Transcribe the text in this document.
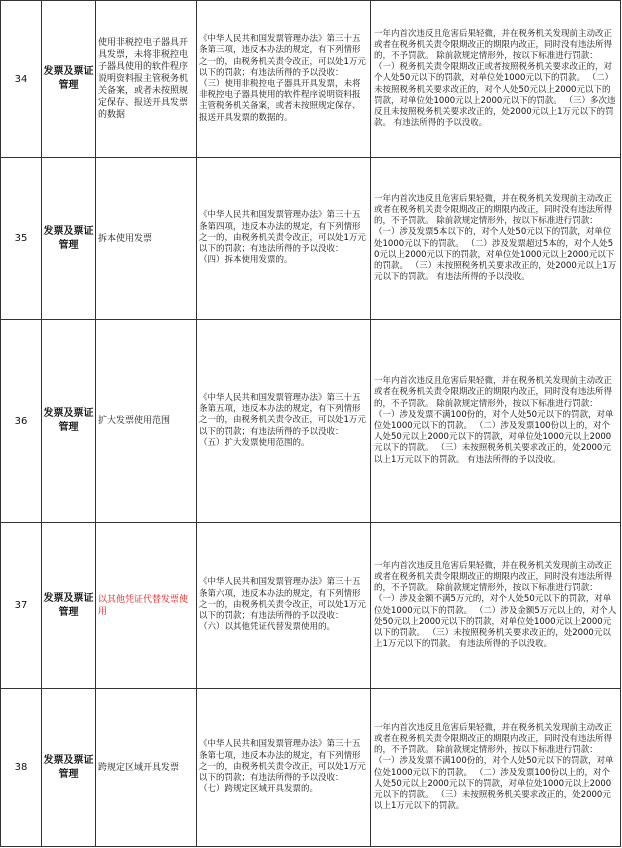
34	发票及票证管理	使用非税控电子器具开具发票，未将非税控电子器具使用的软件程序说明资料报主管税务机关备案，或者未按照规定保存、报送开具发票的数据	《中华人民共和国发票管理办法》第三十五条第三项，违反本办法的规定，有下列情形之一的，由税务机关责令改正，可以处1万元以下的罚款；有违法所得的予以没收：
（三）使用非税控电子器具开具发票，未将非税控电子器具使用的软件程序说明资料报主管税务机关备案，或者未按照规定保存、报送开具发票的数据的。	一年内首次违反且危害后果轻微，并在税务机关发现前主动改正或者在税务机关责令限期改正的期限内改正，同时没有违法所得的，不予罚款。 除前款规定情形外，按以下标准进行罚款： （一）税务机关责令限期改正或者按照税务机关要求改正的，对个人处50元以下的罚款，对单位处1000元以下的罚款。 （二）未按照税务机关要求改正的，对个人处50元以上2000元以下的罚款，对单位处1000元以上2000元以下的罚款。 （三）多次违反且未按照税务机关要求改正的，处2000元以上1万元以下的罚款。 有违法所得的予以没收。

35	发票及票证管理	拆本使用发票	《中华人民共和国发票管理办法》第三十五条第四项，违反本办法的规定，有下列情形之一的，由税务机关责令改正，可以处1万元以下的罚款；有违法所得的予以没收：
（四）拆本使用发票的。	一年内首次违反且危害后果轻微，并在税务机关发现前主动改正或者在税务机关责令限期改正的期限内改正，同时没有违法所得的，不予罚款。 除前款规定情形外，按以下标准进行罚款： （一）涉及发票5本以下的，对个人处50元以下的罚款，对单位处1000元以下的罚款。 （二）涉及发票超过5本的，对个人处50元以上2000元以下的罚款，对单位处1000元以上2000元以下的罚款。 （三）未按照税务机关要求改正的，处2000元以上1万元以下的罚款。 有违法所得的予以没收。

36	发票及票证管理	扩大发票使用范围	《中华人民共和国发票管理办法》第三十五条第五项，违反本办法的规定，有下列情形之一的，由税务机关责令改正，可以处1万元以下的罚款；有违法所得的予以没收：
（五）扩大发票使用范围的。	一年内首次违反且危害后果轻微，并在税务机关发现前主动改正或者在税务机关责令限期改正的期限内改正，同时没有违法所得的，不予罚款。 除前款规定情形外，按以下标准进行罚款： （一）涉及发票不满100份的，对个人处50元以下的罚款，对单位处1000元以下的罚款。 （二）涉及发票100份以上的，对个人处50元以上2000元以下的罚款，对单位处1000元以上2000元以下的罚款。 （三）未按照税务机关要求改正的，处2000元以上1万元以下的罚款。 有违法所得的予以没收。

37	发票及票证管理	以其他凭证代替发票使用	《中华人民共和国发票管理办法》第三十五条第六项，违反本办法的规定，有下列情形之一的，由税务机关责令改正，可以处1万元以下的罚款；有违法所得的予以没收：
（六）以其他凭证代替发票使用的。	一年内首次违反且危害后果轻微，并在税务机关发现前主动改正或者在税务机关责令限期改正的期限内改正，同时没有违法所得的，不予罚款。 除前款规定情形外，按以下标准进行罚款： （一）涉及金额不满5万元的，对个人处50元以下的罚款，对单位处1000元以下的罚款。 （二）涉及金额5万元以上的，对个人处50元以上2000元以下的罚款，对单位处1000元以上2000元以下的罚款。 （三）未按照税务机关要求改正的，处2000元以上1万元以下的罚款。 有违法所得的予以没收。

38	发票及票证管理	跨规定区域开具发票	《中华人民共和国发票管理办法》第三十五条第七项，违反本办法的规定，有下列情形之一的，由税务机关责令改正，可以处1万元以下的罚款；有违法所得的予以没收：
（七）跨规定区域开具发票的。	一年内首次违反且危害后果轻微，并在税务机关发现前主动改正或者在税务机关责令限期改正的期限内改正，同时没有违法所得的，不予罚款。 除前款规定情形外，按以下标准进行罚款： （一）涉及发票不满100份的，对个人处50元以下的罚款，对单位处1000元以下的罚款。 （二）涉及发票100份以上的，对个人处50元以上2000元以下的罚款，对单位处1000元以上2000元以下的罚款。 （三）未按照税务机关要求改正的，处2000元以上1万元以下的罚款。
